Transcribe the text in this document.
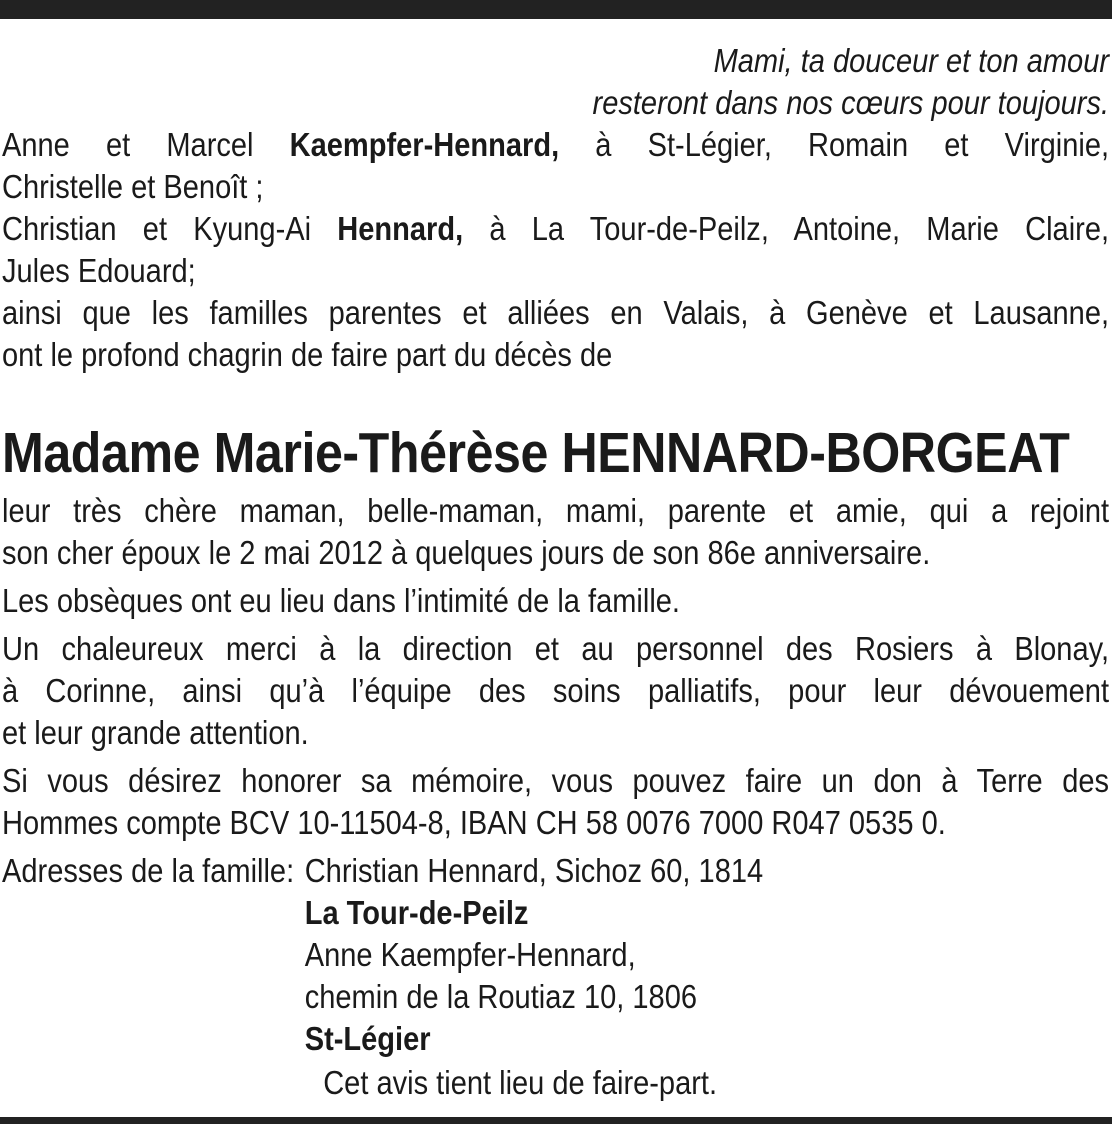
Mami, ta douceur et ton amour
resteront dans nos cœurs pour toujours.
Anne et Marcel Kaempfer-Hennard, à St-Légier, Romain et Virginie,
Christelle et Benoît ;
Christian et Kyung-Ai Hennard, à La Tour-de-Peilz, Antoine, Marie Claire,
Jules Edouard;
ainsi que les familles parentes et alliées en Valais, à Genève et Lausanne,
ont le profond chagrin de faire part du décès de
Madame Marie-Thérèse HENNARD-BORGEAT
leur très chère maman, belle-maman, mami, parente et amie, qui a rejoint
son cher époux le 2 mai 2012 à quelques jours de son 86e anniversaire.
Les obsèques ont eu lieu dans l’intimité de la famille.
Un chaleureux merci à la direction et au personnel des Rosiers à Blonay,
à Corinne, ainsi qu’à l’équipe des soins palliatifs, pour leur dévouement
et leur grande attention.
Si vous désirez honorer sa mémoire, vous pouvez faire un don à Terre des
Hommes compte BCV 10-11504-8, IBAN CH 58 0076 7000 R047 0535 0.
Adresses de la famille: Christian Hennard, Sichoz 60, 1814
La Tour-de-Peilz
Anne Kaempfer-Hennard,
chemin de la Routiaz 10, 1806
St-Légier
Cet avis tient lieu de faire-part.
